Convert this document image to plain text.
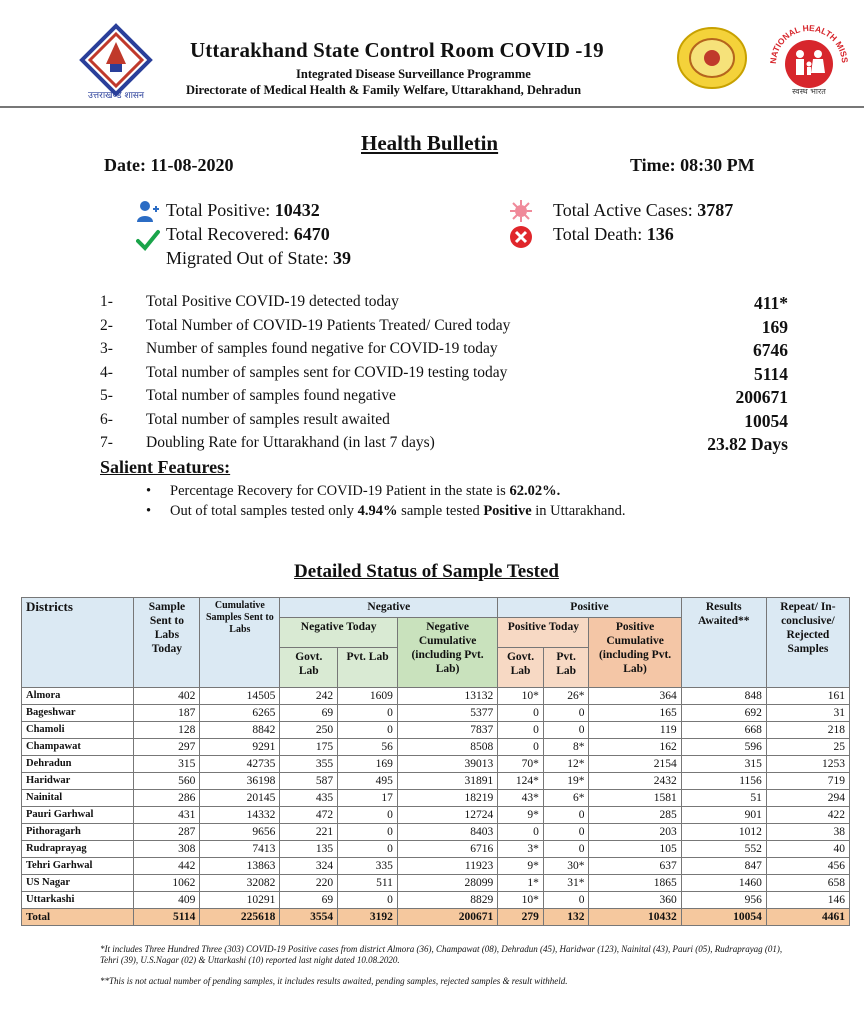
उत्तराखण्ड शासन
Uttarakhand State Control Room COVID -19
Integrated Disease Surveillance Programme
Directorate of Medical Health & Family Welfare, Uttarakhand, Dehradun
NATIONAL HEALTH MISS
स्वस्थ भारत
Health Bulletin
Date: 11-08-2020	Time: 08:30 PM
Total Positive: 10432
Total Recovered: 6470
Migrated Out of State: 39
Total Active Cases: 3787
Total Death: 136
1- Total Positive COVID-19 detected today	411*
2- Total Number of COVID-19 Patients Treated/ Cured today	169
3- Number of samples found negative for COVID-19 today	6746
4- Total number of samples sent for COVID-19 testing today	5114
5- Total number of samples found negative	200671
6- Total number of samples result awaited	10054
7- Doubling Rate for Uttarakhand (in last 7 days)	23.82 Days
Salient Features:
• Percentage Recovery for COVID-19 Patient in the state is 62.02%.
• Out of total samples tested only 4.94% sample tested Positive in Uttarakhand.
Detailed Status of Sample Tested
Districts	Sample Sent to Labs Today	Cumulative Samples Sent to Labs	Negative			Positive			Results Awaited**	Repeat/ In-conclusive/ Rejected Samples
			Negative Today		Negative Cumulative (including Pvt. Lab)	Positive Today		Positive Cumulative (including Pvt. Lab)		
			Govt. Lab	Pvt. Lab		Govt. Lab	Pvt. Lab			
Almora	402	14505	242	1609	13132	10*	26*	364	848	161
Bageshwar	187	6265	69	0	5377	0	0	165	692	31
Chamoli	128	8842	250	0	7837	0	0	119	668	218
Champawat	297	9291	175	56	8508	0	8*	162	596	25
Dehradun	315	42735	355	169	39013	70*	12*	2154	315	1253
Haridwar	560	36198	587	495	31891	124*	19*	2432	1156	719
Nainital	286	20145	435	17	18219	43*	6*	1581	51	294
Pauri Garhwal	431	14332	472	0	12724	9*	0	285	901	422
Pithoragarh	287	9656	221	0	8403	0	0	203	1012	38
Rudraprayag	308	7413	135	0	6716	3*	0	105	552	40
Tehri Garhwal	442	13863	324	335	11923	9*	30*	637	847	456
US Nagar	1062	32082	220	511	28099	1*	31*	1865	1460	658
Uttarkashi	409	10291	69	0	8829	10*	0	360	956	146
Total	5114	225618	3554	3192	200671	279	132	10432	10054	4461
*It includes Three Hundred Three (303) COVID-19 Positive cases from district Almora (36), Champawat (08), Dehradun (45), Haridwar (123), Nainital (43), Pauri (05), Rudraprayag (01), Tehri (39), U.S.Nagar (02) & Uttarkashi (10) reported last night dated 10.08.2020.
**This is not actual number of pending samples, it includes results awaited, pending samples, rejected samples & result withheld.
